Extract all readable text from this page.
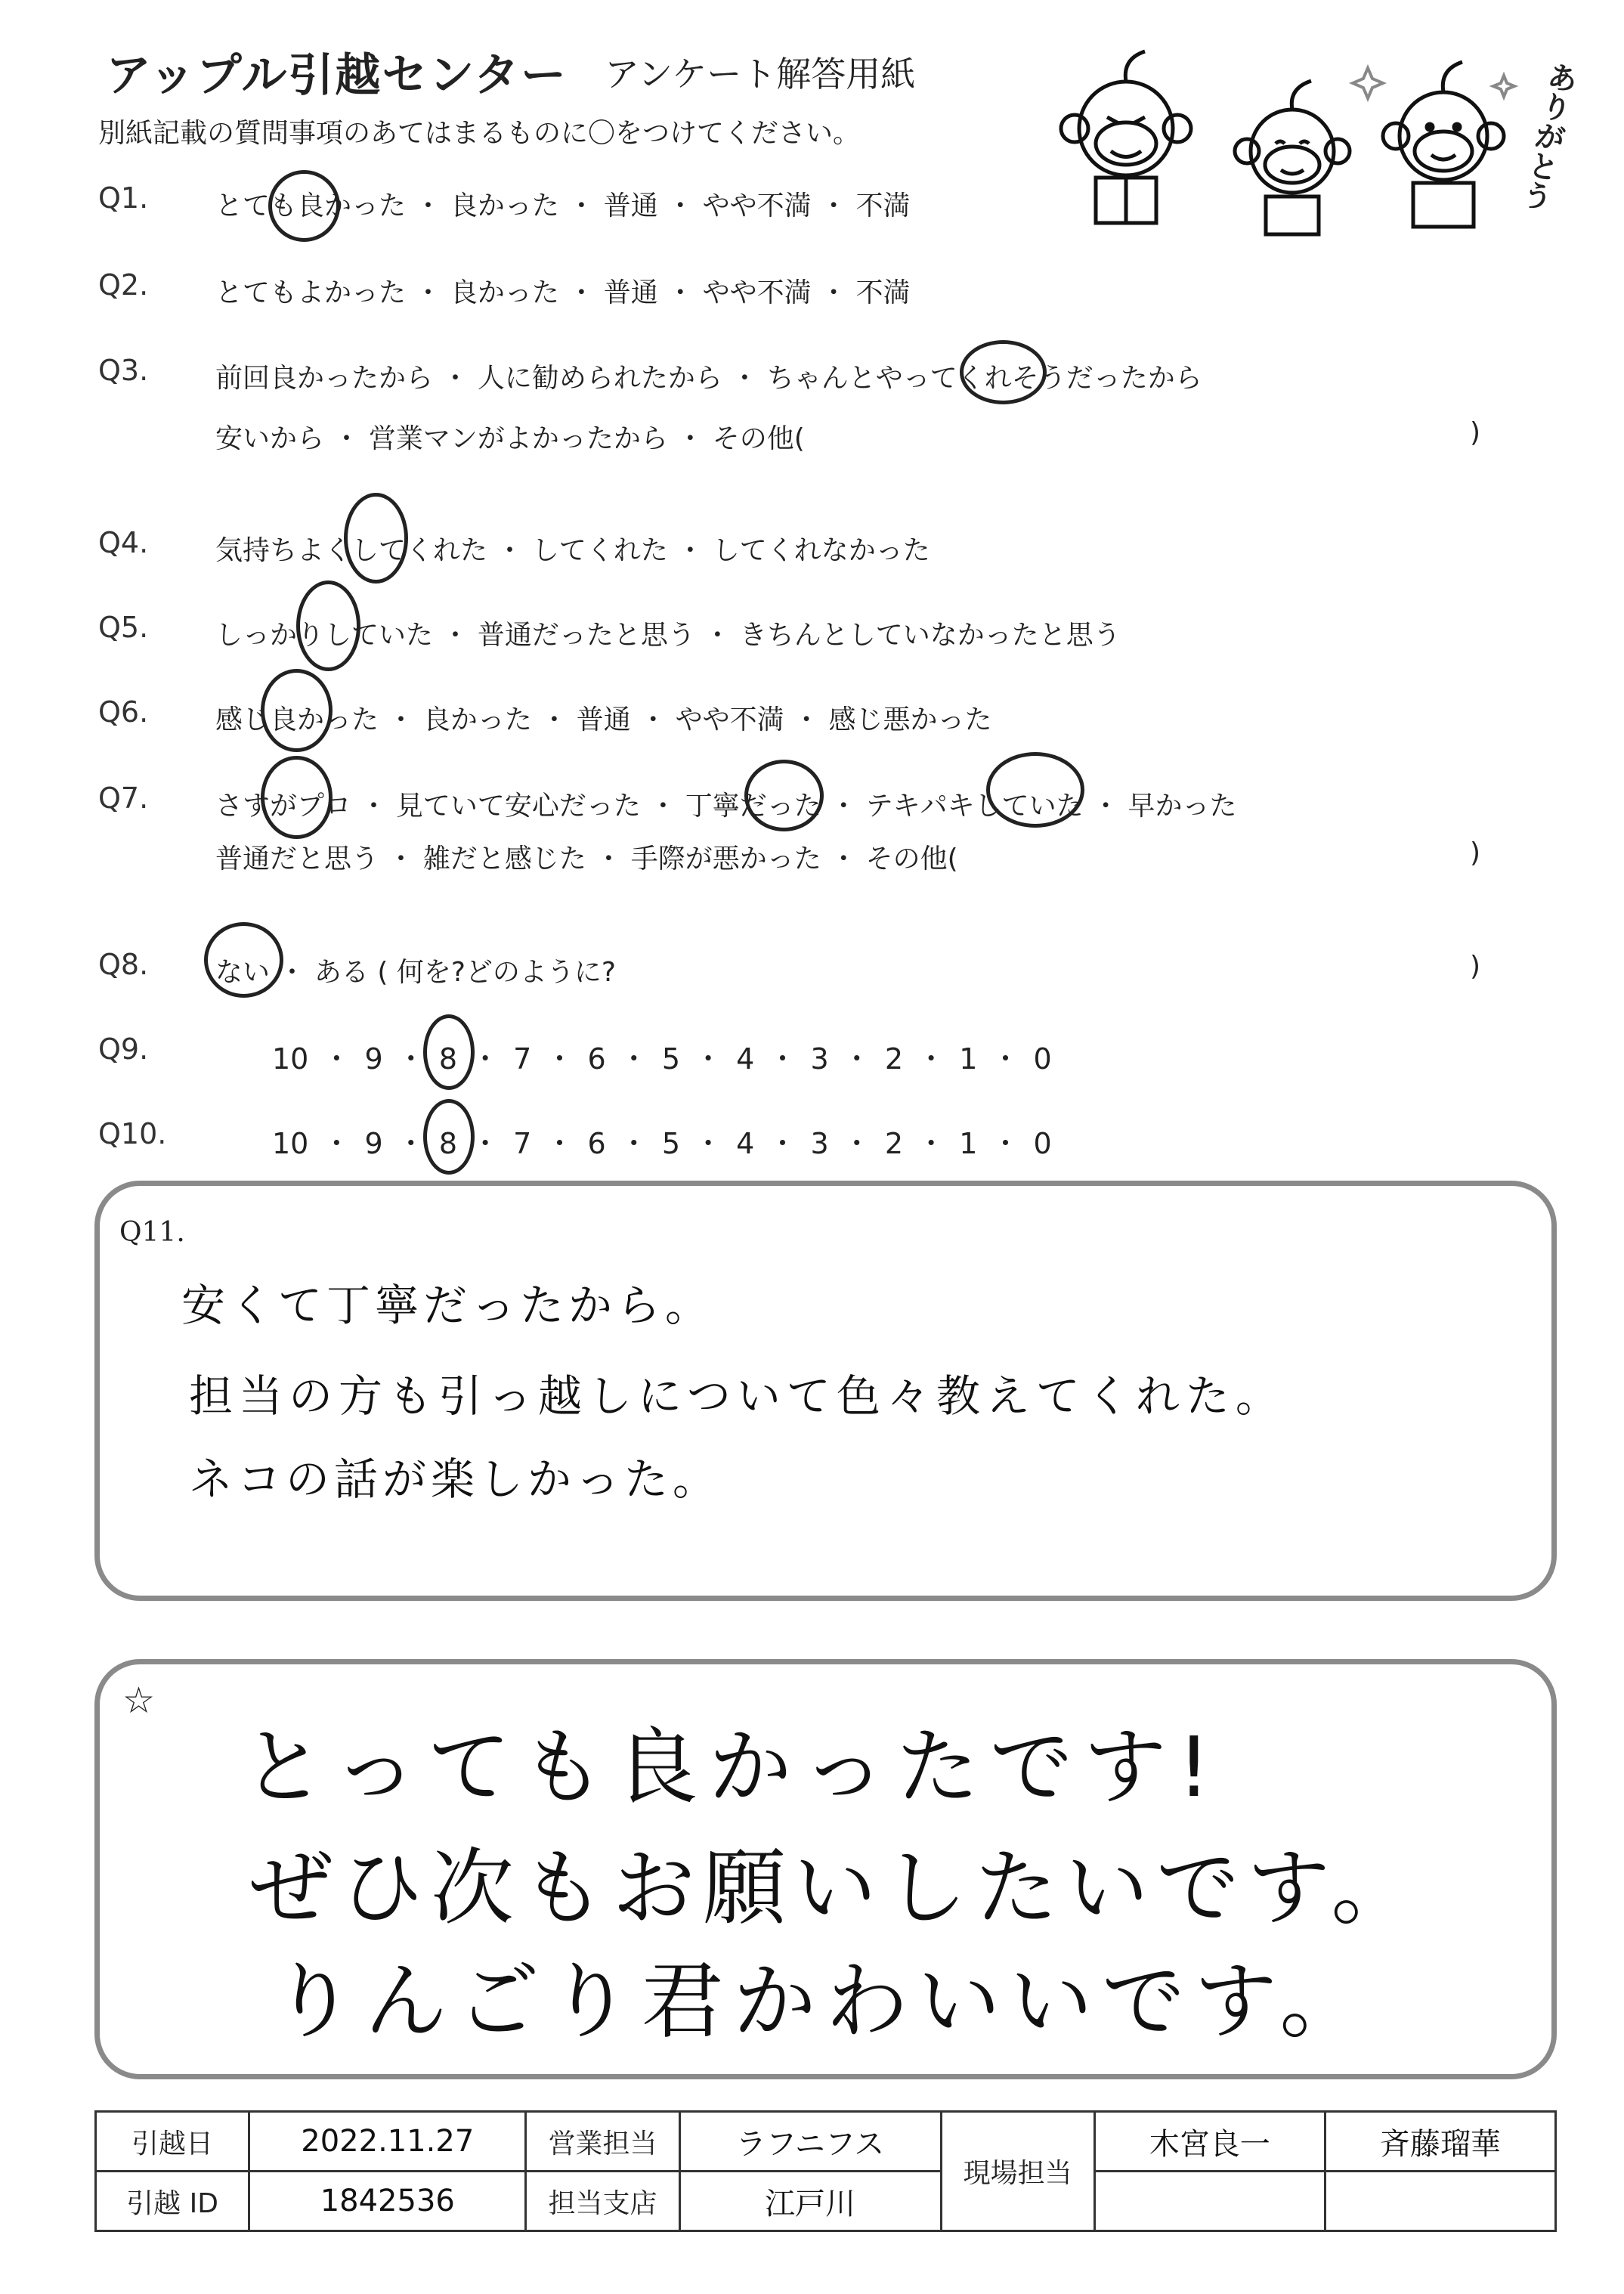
アップル引越センター アンケート解答用紙
別紙記載の質問事項のあてはまるものに〇をつけてください。	ありがとう
Q1. とても良かった ・ 良かった ・ 普通 ・ やや不満 ・ 不満
Q2. とてもよかった ・ 良かった ・ 普通 ・ やや不満 ・ 不満
Q3. 前回良かったから ・ 人に勧められたから ・ ちゃんとやってくれそうだったから
安いから ・ 営業マンがよかったから ・ その他(	)
Q4. 気持ちよくしてくれた ・ してくれた ・ してくれなかった
Q5. しっかりしていた ・ 普通だったと思う ・ きちんとしていなかったと思う
Q6. 感じ良かった ・ 良かった ・ 普通 ・ やや不満 ・ 感じ悪かった
Q7. さすがプロ ・ 見ていて安心だった ・ 丁寧だった ・ テキパキしていた ・ 早かった
普通だと思う ・ 雑だと感じた ・ 手際が悪かった ・ その他(	)
Q8. ない ・ ある ( 何を?どのように?	)
Q9.	10 ・ 9 ・ 8 ・ 7 ・ 6 ・ 5 ・ 4 ・ 3 ・ 2 ・ 1 ・ 0
Q10.	10 ・ 9 ・ 8 ・ 7 ・ 6 ・ 5 ・ 4 ・ 3 ・ 2 ・ 1 ・ 0
Q11.
安くて丁寧だったから。
担当の方も引っ越しについて色々教えてくれた。
ネコの話が楽しかった。
☆
とっても良かったです!
ぜひ次もお願いしたいです。
りんごり君かわいいです。
引越日	2022.11.27	営業担当	ラフニフス	現場担当	木宮良一	斉藤瑠華
引越 ID	1842536	担当支店	江戸川			
